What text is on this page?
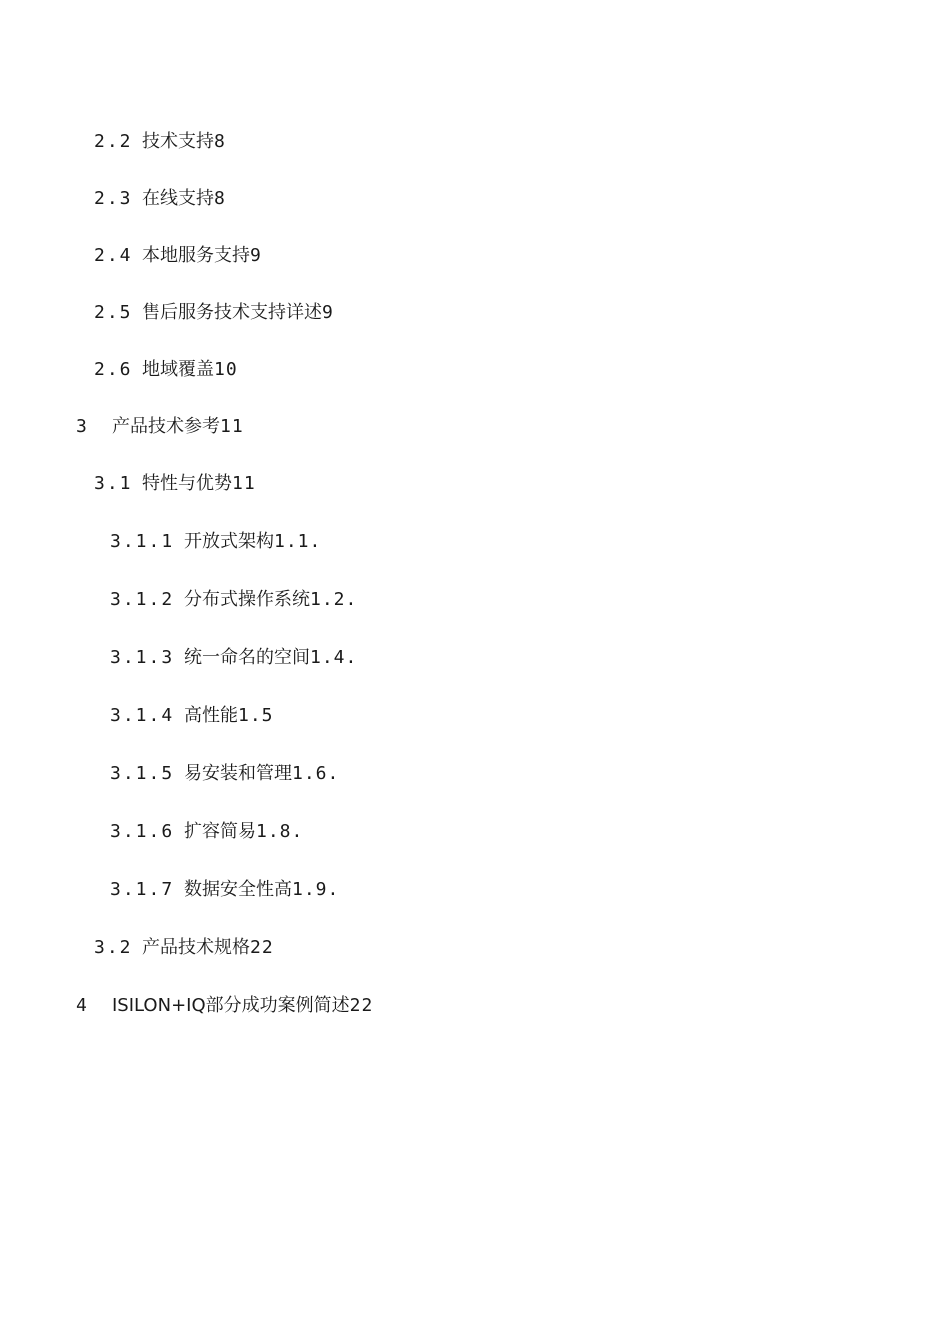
2.2 技术支持8
2.3 在线支持8
2.4 本地服务支持9
2.5 售后服务技术支持详述9
2.6 地域覆盖10
3 产品技术参考11
3.1 特性与优势11
3.1.1 开放式架构1.1.
3.1.2 分布式操作系统1.2.
3.1.3 统一命名的空间1.4.
3.1.4 高性能1.5
3.1.5 易安装和管理1.6.
3.1.6 扩容简易1.8.
3.1.7 数据安全性高1.9.
3.2 产品技术规格22
4 ISILON+IQ部分成功案例简述22
